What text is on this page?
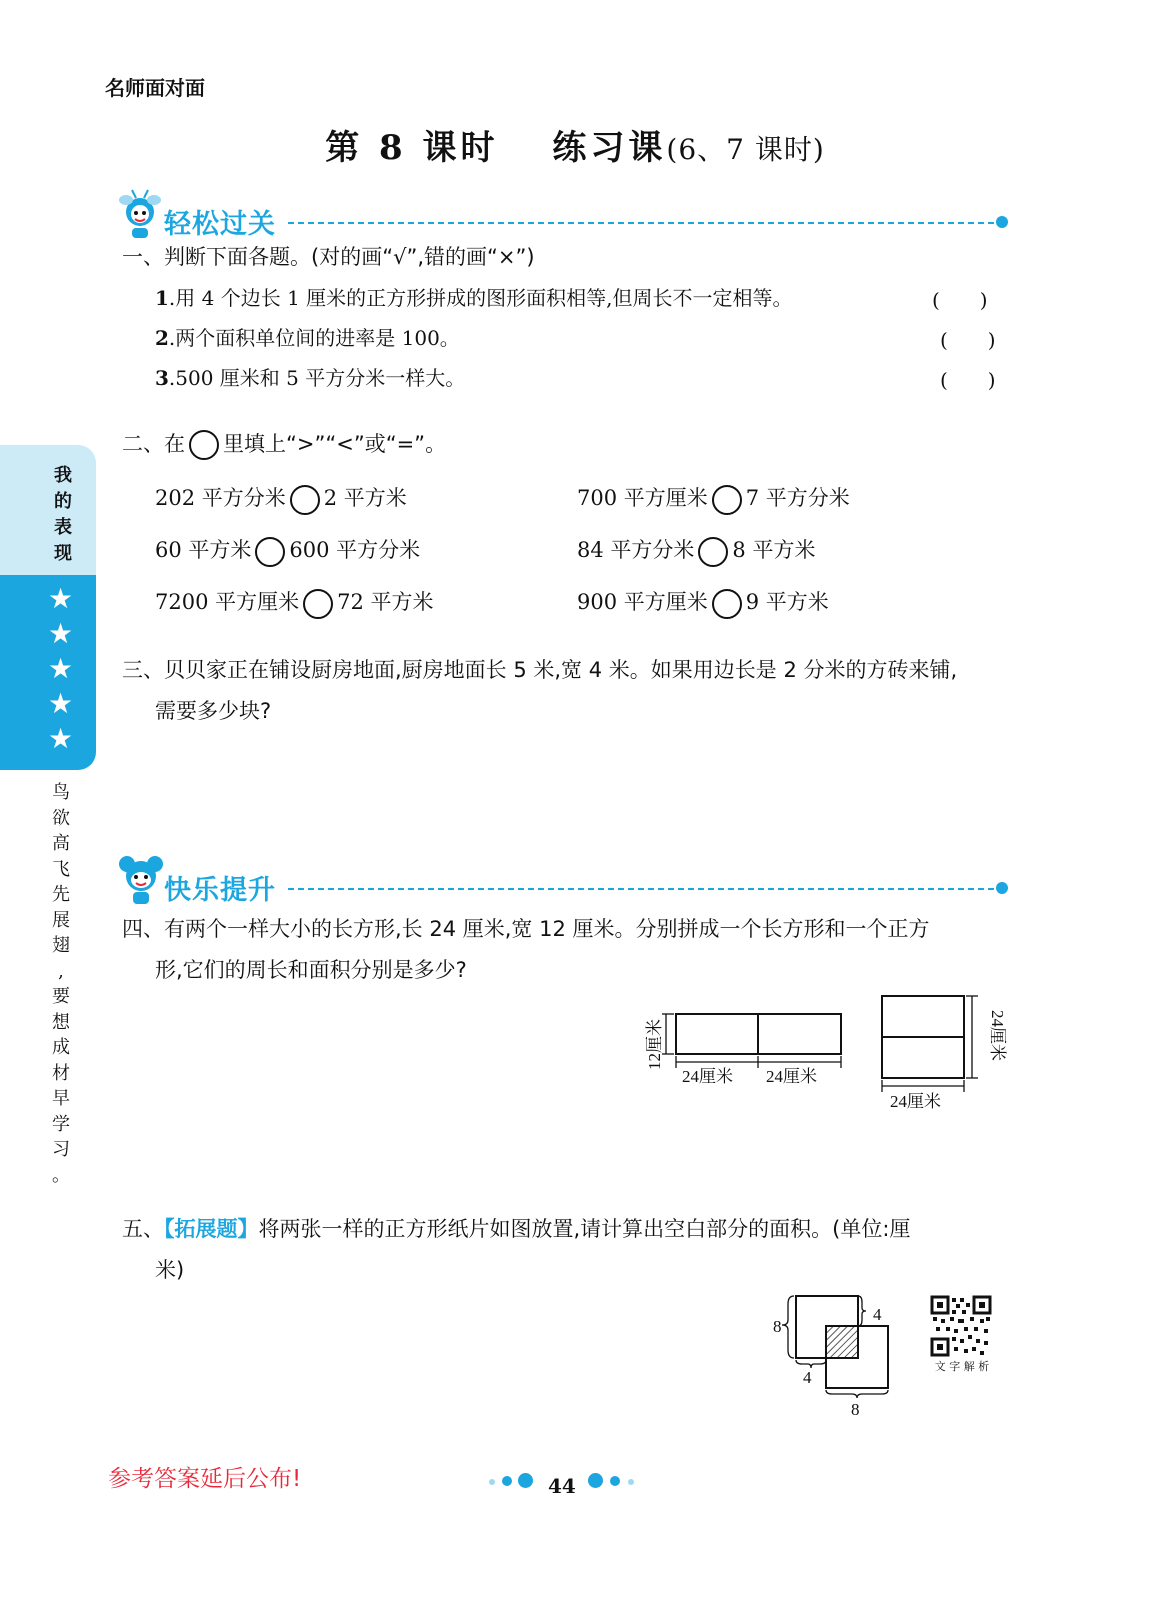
名师面对面
第 8 课时　 练习课(6、7 课时)
轻松过关
一、判断下面各题。(对的画“√”,错的画“×”)
1.用 4 个边长 1 厘米的正方形拼成的图形面积相等,但周长不一定相等。	(　　)
2.两个面积单位间的进率是 100。	(　　)
3.500 厘米和 5 平方分米一样大。	(　　)
二、在 里填上“>”“<”或“=”。
202 平方分米 2 平方米	700 平方厘米 7 平方分米
60 平方米 600 平方分米	84 平方分米 8 平方米
7200 平方厘米 72 平方米	900 平方厘米 9 平方米
三、贝贝家正在铺设厨房地面,厨房地面长 5 米,宽 4 米。如果用边长是 2 分米的方砖来铺,
需要多少块?
我
的
表
现
★
★
★
★
★
鸟
欲
高
飞
先
展
翅
,
要
想
成
材
早
学
习
。
快乐提升
四、有两个一样大小的长方形,长 24 厘米,宽 12 厘米。分别拼成一个长方形和一个正方
形,它们的周长和面积分别是多少?
12厘米
24厘米 24厘米
24厘米
24厘米
五、【拓展题】将两张一样的正方形纸片如图放置,请计算出空白部分的面积。(单位:厘
米)
8
4
4
8
文 字 解 析
参考答案延后公布!	44
